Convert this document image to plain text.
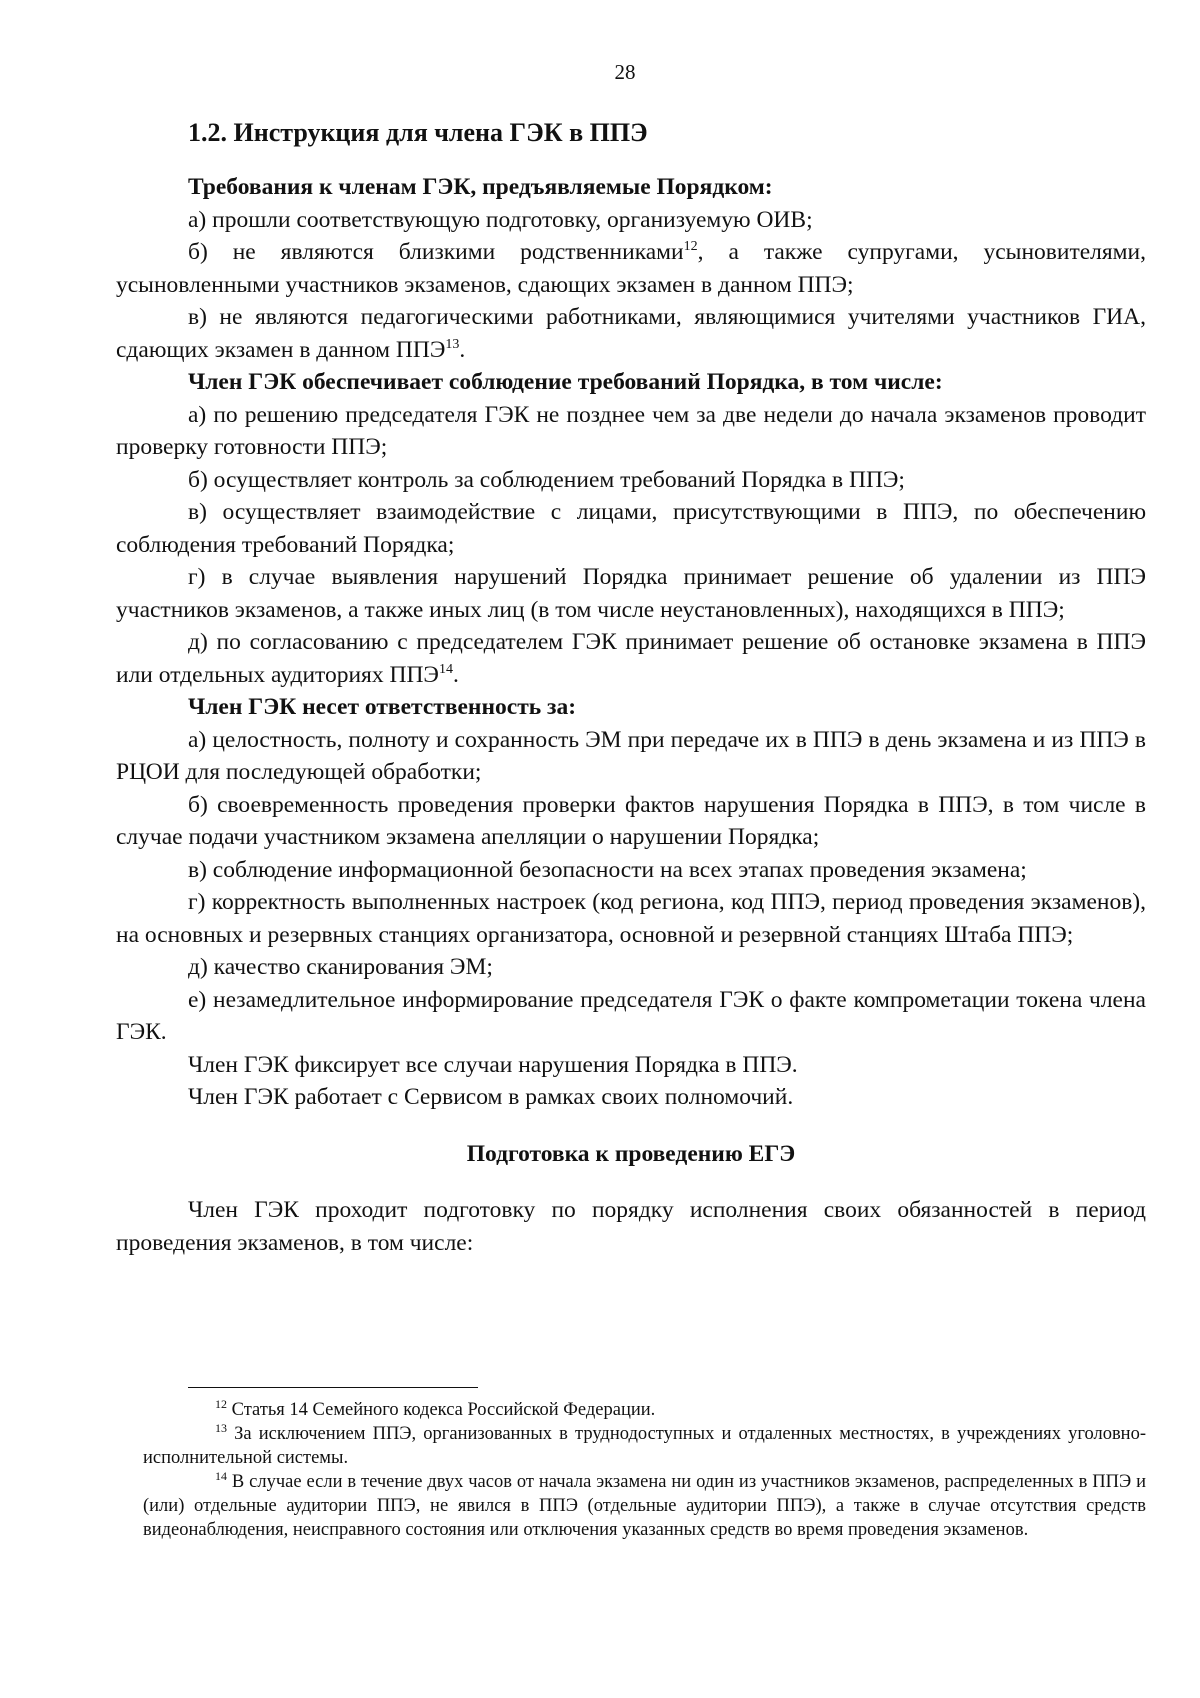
28
1.2. Инструкция для члена ГЭК в ППЭ

Требования к членам ГЭК, предъявляемые Порядком:

а) прошли соответствующую подготовку, организуемую ОИВ;

б) не являются близкими родственниками$^{12}$, а также супругами, усыновителями, усыновленными участников экзаменов, сдающих экзамен в данном ППЭ;

в) не являются педагогическими работниками, являющимися учителями участников ГИА, сдающих экзамен в данном ППЭ$^{13}$.

Член ГЭК обеспечивает соблюдение требований Порядка, в том числе:

а) по решению председателя ГЭК не позднее чем за две недели до начала экзаменов проводит проверку готовности ППЭ;

б) осуществляет контроль за соблюдением требований Порядка в ППЭ;

в) осуществляет взаимодействие с лицами, присутствующими в ППЭ, по обеспечению соблюдения требований Порядка;

г) в случае выявления нарушений Порядка принимает решение об удалении из ППЭ участников экзаменов, а также иных лиц (в том числе неустановленных), находящихся в ППЭ;

д) по согласованию с председателем ГЭК принимает решение об остановке экзамена в ППЭ или отдельных аудиториях ППЭ$^{14}$.

Член ГЭК несет ответственность за:

а) целостность, полноту и сохранность ЭМ при передаче их в ППЭ в день экзамена и из ППЭ в РЦОИ для последующей обработки;

б) своевременность проведения проверки фактов нарушения Порядка в ППЭ, в том числе в случае подачи участником экзамена апелляции о нарушении Порядка;

в) соблюдение информационной безопасности на всех этапах проведения экзамена;

г) корректность выполненных настроек (код региона, код ППЭ, период проведения экзаменов), на основных и резервных станциях организатора, основной и резервной станциях Штаба ППЭ;

д) качество сканирования ЭМ;

е) незамедлительное информирование председателя ГЭК о факте компрометации токена члена ГЭК.

Член ГЭК фиксирует все случаи нарушения Порядка в ППЭ.

Член ГЭК работает с Сервисом в рамках своих полномочий.

Подготовка к проведению ЕГЭ

Член ГЭК проходит подготовку по порядку исполнения своих обязанностей в период проведения экзаменов, в том числе:

$^{12}$ Статья 14 Семейного кодекса Российской Федерации.

$^{13}$ За исключением ППЭ, организованных в труднодоступных и отдаленных местностях, в учреждениях уголовно-исполнительной системы.

$^{14}$ В случае если в течение двух часов от начала экзамена ни один из участников экзаменов, распределенных в ППЭ и (или) отдельные аудитории ППЭ, не явился в ППЭ (отдельные аудитории ППЭ), а также в случае отсутствия средств видеонаблюдения, неисправного состояния или отключения указанных средств во время проведения экзаменов.
